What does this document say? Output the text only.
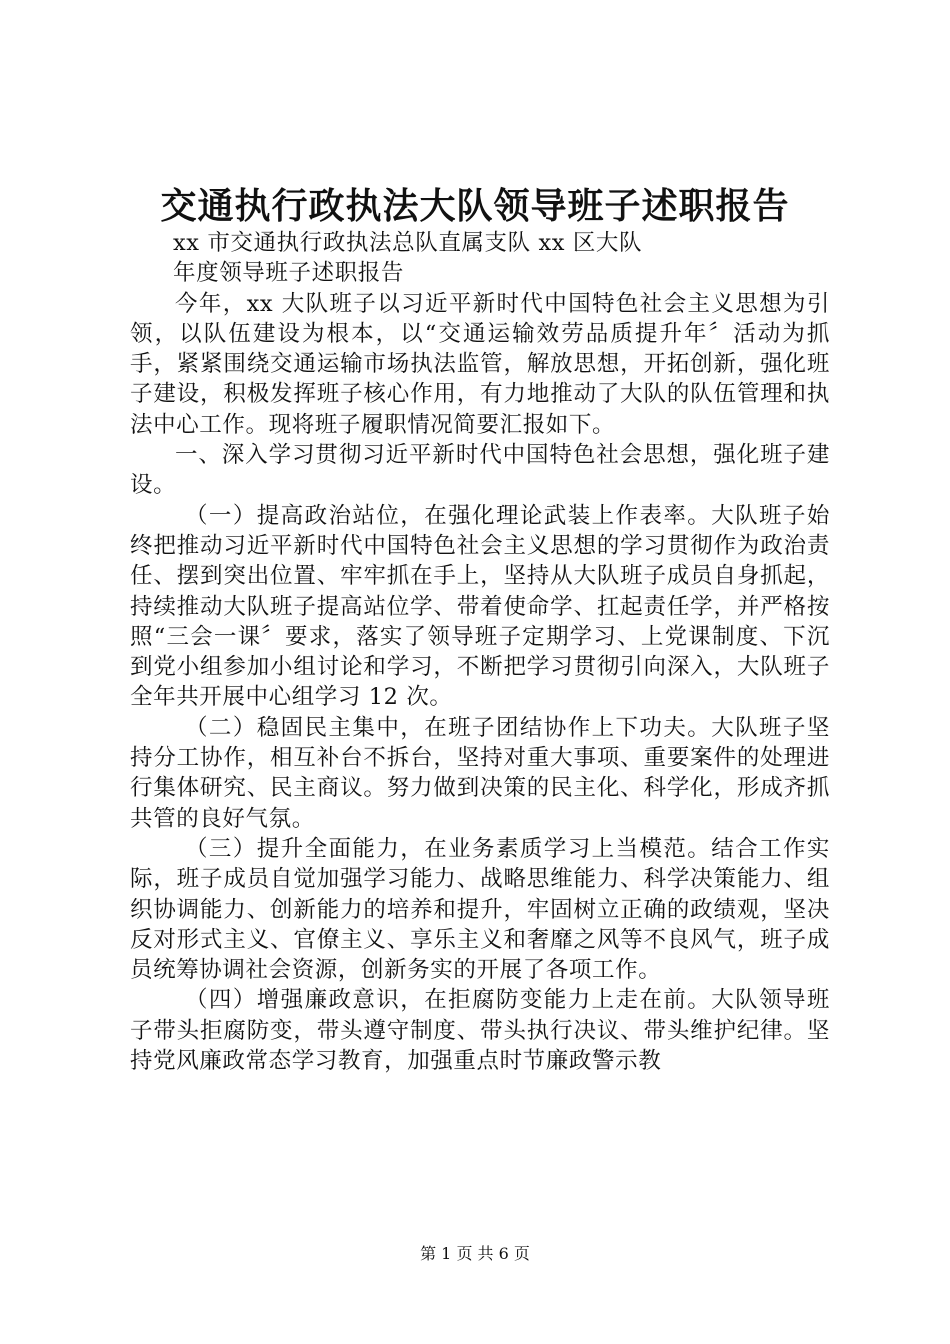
交通执行政执法大队领导班子述职报告

xx 市交通执行政执法总队直属支队 xx 区大队

年度领导班子述职报告

今年，xx 大队班子以习近平新时代中国特色社会主义思想为引领，以队伍建设为根本，以“交通运输效劳品质提升年〞活动为抓手，紧紧围绕交通运输市场执法监管，解放思想，开拓创新，强化班子建设，积极发挥班子核心作用，有力地推动了大队的队伍管理和执法中心工作。现将班子履职情况简要汇报如下。

一、深入学习贯彻习近平新时代中国特色社会思想，强化班子建设。

（一）提高政治站位，在强化理论武装上作表率。大队班子始终把推动习近平新时代中国特色社会主义思想的学习贯彻作为政治责任、摆到突出位置、牢牢抓在手上，坚持从大队班子成员自身抓起，持续推动大队班子提高站位学、带着使命学、扛起责任学，并严格按照“三会一课〞要求，落实了领导班子定期学习、上党课制度、下沉到党小组参加小组讨论和学习，不断把学习贯彻引向深入，大队班子全年共开展中心组学习 12 次。

（二）稳固民主集中，在班子团结协作上下功夫。大队班子坚持分工协作，相互补台不拆台，坚持对重大事项、重要案件的处理进行集体研究、民主商议。努力做到决策的民主化、科学化，形成齐抓共管的良好气氛。

（三）提升全面能力，在业务素质学习上当模范。结合工作实际，班子成员自觉加强学习能力、战略思维能力、科学决策能力、组织协调能力、创新能力的培养和提升，牢固树立正确的政绩观，坚决反对形式主义、官僚主义、享乐主义和奢靡之风等不良风气，班子成员统筹协调社会资源，创新务实的开展了各项工作。

（四）增强廉政意识，在拒腐防变能力上走在前。大队领导班子带头拒腐防变，带头遵守制度、带头执行决议、带头维护纪律。坚持党风廉政常态学习教育，加强重点时节廉政警示教

第 1 页 共 6 页
